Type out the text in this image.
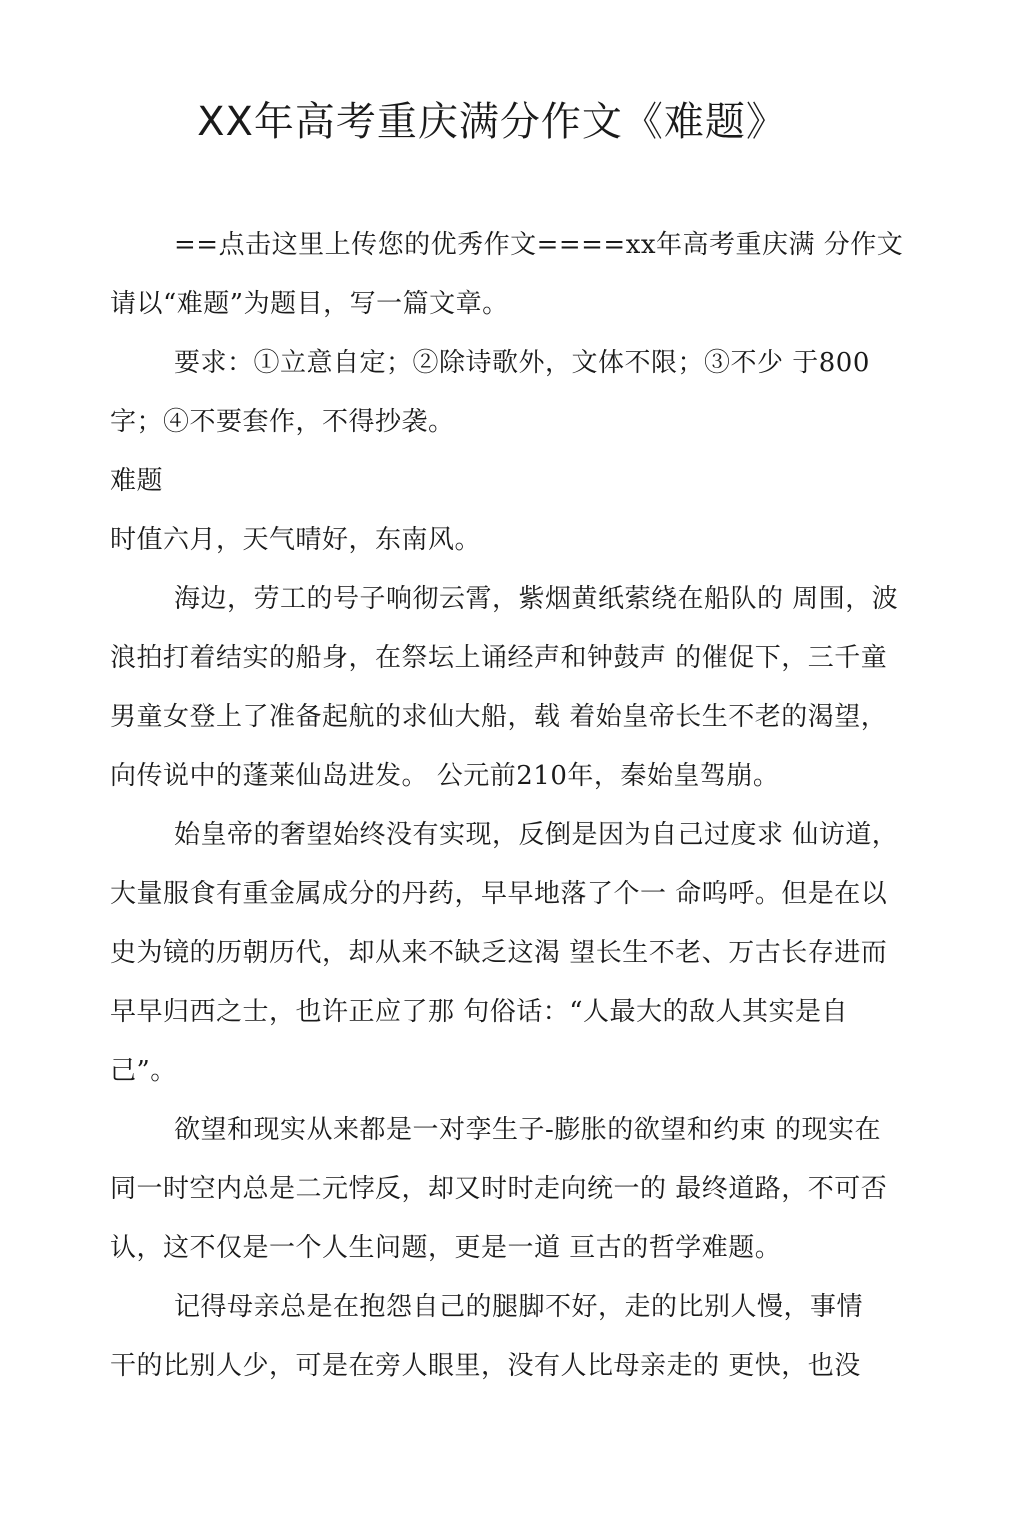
XX年高考重庆满分作文《难题》
==点击这里上传您的优秀作文====xx年高考重庆满 分作文
请以“难题”为题目，写一篇文章。
要求：①立意自定；②除诗歌外，文体不限；③不少 于800
字；④不要套作，不得抄袭。
难题
时值六月，天气晴好，东南风。
海边，劳工的号子响彻云霄，紫烟黄纸萦绕在船队的 周围，波
浪拍打着结实的船身，在祭坛上诵经声和钟鼓声 的催促下，三千童
男童女登上了准备起航的求仙大船，载 着始皇帝长生不老的渴望，
向传说中的蓬莱仙岛进发。 公元前210年，秦始皇驾崩。
始皇帝的奢望始终没有实现，反倒是因为自己过度求 仙访道，
大量服食有重金属成分的丹药，早早地落了个一 命呜呼。但是在以
史为镜的历朝历代，却从来不缺乏这渴 望长生不老、万古长存进而
早早归西之士，也许正应了那 句俗话：“人最大的敌人其实是自
己”。
欲望和现实从来都是一对孪生子-膨胀的欲望和约束 的现实在
同一时空内总是二元悖反，却又时时走向统一的 最终道路，不可否
认，这不仅是一个人生问题，更是一道 亘古的哲学难题。
记得母亲总是在抱怨自己的腿脚不好，走的比别人慢，事情
干的比别人少，可是在旁人眼里，没有人比母亲走的 更快，也没
